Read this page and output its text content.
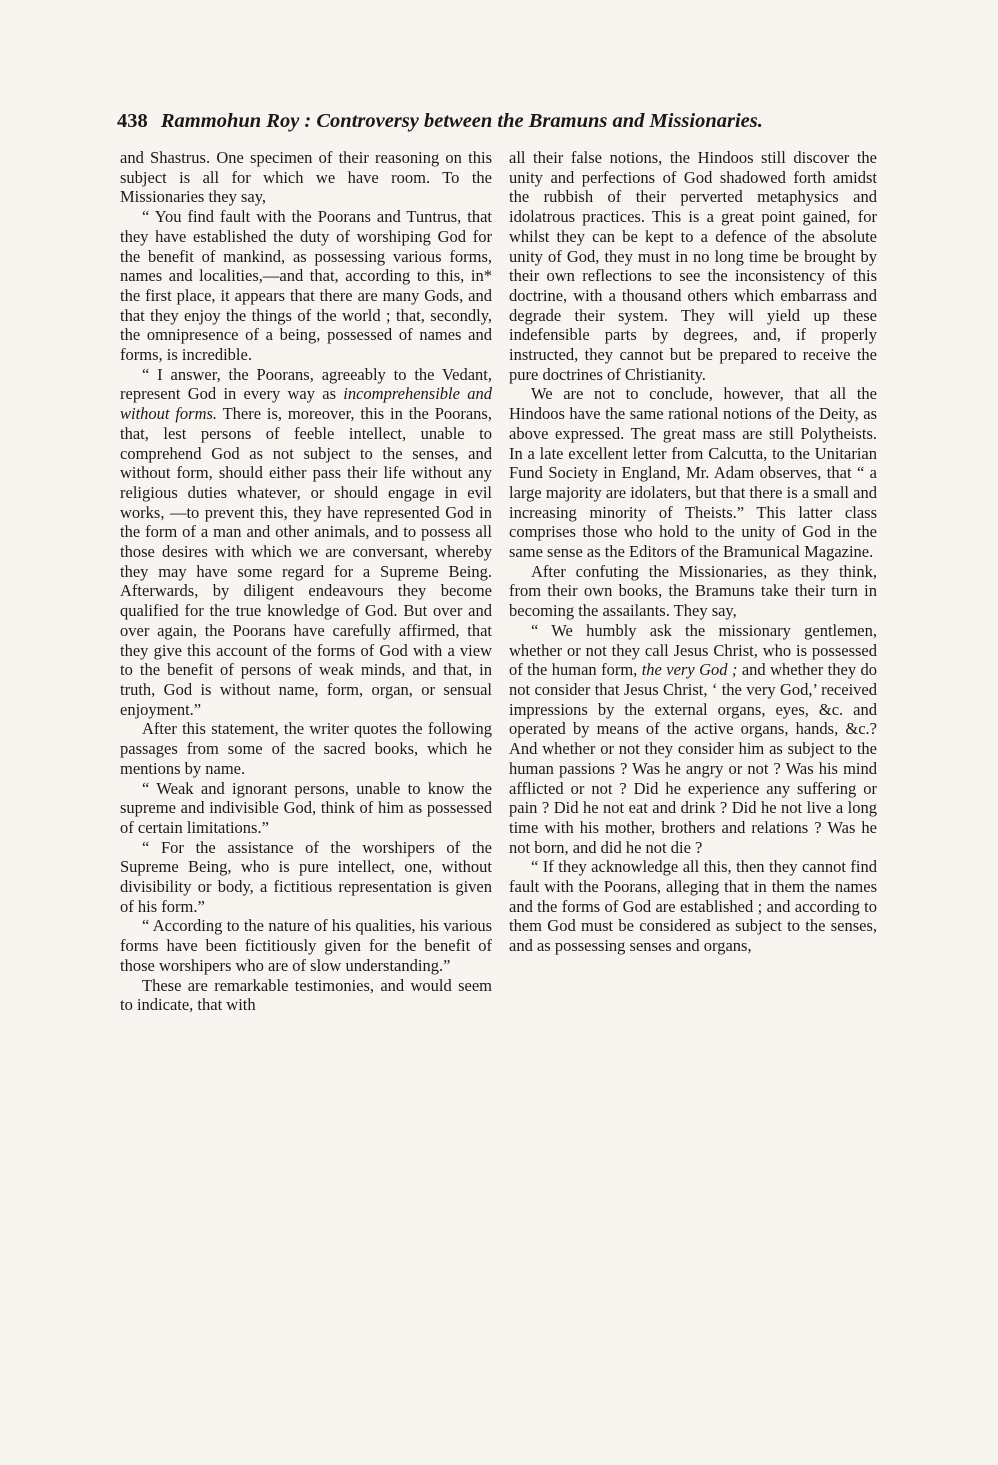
438 Rammohun Roy : Controversy between the Bramuns and Missionaries.

and Shastrus. One specimen of their reasoning on this subject is all for which we have room. To the Missionaries they say,

“ You find fault with the Poorans and Tuntrus, that they have established the duty of worshiping God for the benefit of mankind, as possessing various forms, names and localities,—and that, according to this, in* the first place, it appears that there are many Gods, and that they enjoy the things of the world ; that, secondly, the omnipresence of a being, possessed of names and forms, is incredible.

“ I answer, the Poorans, agreeably to the Vedant, represent God in every way as incomprehensible and without forms. There is, moreover, this in the Poorans, that, lest persons of feeble intellect, unable to comprehend God as not subject to the senses, and without form, should either pass their life without any religious duties whatever, or should engage in evil works, —to prevent this, they have represented God in the form of a man and other animals, and to possess all those desires with which we are conversant, whereby they may have some regard for a Supreme Being. Afterwards, by diligent endeavours they become qualified for the true knowledge of God. But over and over again, the Poorans have carefully affirmed, that they give this account of the forms of God with a view to the benefit of persons of weak minds, and that, in truth, God is without name, form, organ, or sensual enjoyment.”

After this statement, the writer quotes the following passages from some of the sacred books, which he mentions by name.

“ Weak and ignorant persons, unable to know the supreme and indivisible God, think of him as possessed of certain limitations.”

“ For the assistance of the worshipers of the Supreme Being, who is pure intellect, one, without divisibility or body, a fictitious representation is given of his form.”

“ According to the nature of his qualities, his various forms have been fictitiously given for the benefit of those worshipers who are of slow understanding.”

These are remarkable testimonies, and would seem to indicate, that with

all their false notions, the Hindoos still discover the unity and perfections of God shadowed forth amidst the rubbish of their perverted metaphysics and idolatrous practices. This is a great point gained, for whilst they can be kept to a defence of the absolute unity of God, they must in no long time be brought by their own reflections to see the inconsistency of this doctrine, with a thousand others which embarrass and degrade their system. They will yield up these indefensible parts by degrees, and, if properly instructed, they cannot but be prepared to receive the pure doctrines of Christianity.

We are not to conclude, however, that all the Hindoos have the same rational notions of the Deity, as above expressed. The great mass are still Polytheists. In a late excellent letter from Calcutta, to the Unitarian Fund Society in England, Mr. Adam observes, that “ a large majority are idolaters, but that there is a small and increasing minority of Theists.” This latter class comprises those who hold to the unity of God in the same sense as the Editors of the Bramunical Magazine.

After confuting the Missionaries, as they think, from their own books, the Bramuns take their turn in becoming the assailants. They say,

“ We humbly ask the missionary gentlemen, whether or not they call Jesus Christ, who is possessed of the human form, the very God ; and whether they do not consider that Jesus Christ, ‘ the very God,’ received impressions by the external organs, eyes, &c. and operated by means of the active organs, hands, &c.? And whether or not they consider him as subject to the human passions ? Was he angry or not ? Was his mind afflicted or not ? Did he experience any suffering or pain ? Did he not eat and drink ? Did he not live a long time with his mother, brothers and relations ? Was he not born, and did he not die ?

“ If they acknowledge all this, then they cannot find fault with the Poorans, alleging that in them the names and the forms of God are established ; and according to them God must be considered as subject to the senses, and as possessing senses and organs,
